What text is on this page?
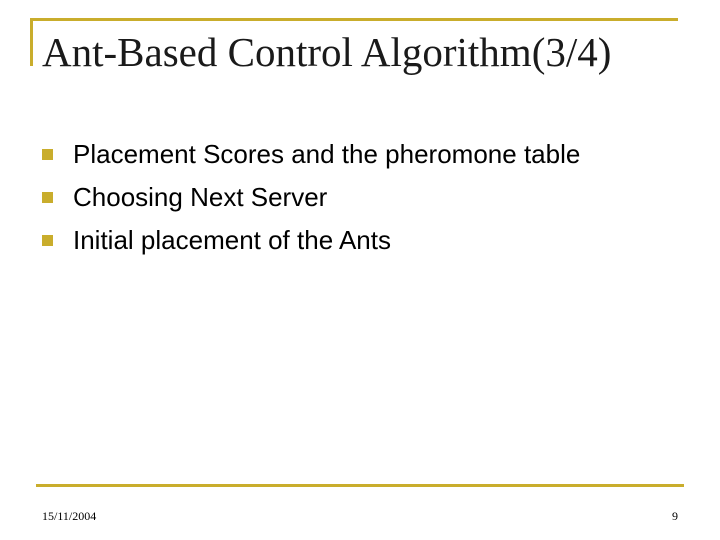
Ant-Based Control Algorithm(3/4)
Placement Scores and the pheromone table
Choosing Next Server
Initial placement of the Ants
15/11/2004	9
